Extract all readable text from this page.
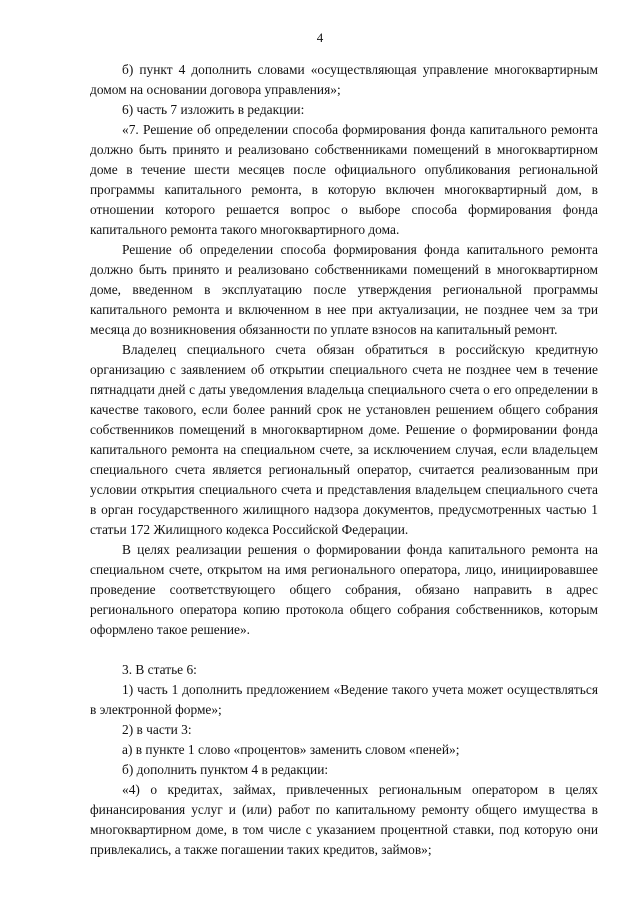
4

б) пункт 4 дополнить словами «осуществляющая управление многоквартирным домом на основании договора управления»;

6) часть 7 изложить в редакции:

«7. Решение об определении способа формирования фонда капитального ремонта должно быть принято и реализовано собственниками помещений в многоквартирном доме в течение шести месяцев после официального опубликования региональной программы капитального ремонта, в которую включен многоквартирный дом, в отношении которого решается вопрос о выборе способа формирования фонда капитального ремонта такого многоквартирного дома.

Решение об определении способа формирования фонда капитального ремонта должно быть принято и реализовано собственниками помещений в многоквартирном доме, введенном в эксплуатацию после утверждения региональной программы капитального ремонта и включенном в нее при актуализации, не позднее чем за три месяца до возникновения обязанности по уплате взносов на капитальный ремонт.

Владелец специального счета обязан обратиться в российскую кредитную организацию с заявлением об открытии специального счета не позднее чем в течение пятнадцати дней с даты уведомления владельца специального счета о его определении в качестве такового, если более ранний срок не установлен решением общего собрания собственников помещений в многоквартирном доме. Решение о формировании фонда капитального ремонта на специальном счете, за исключением случая, если владельцем специального счета является региональный оператор, считается реализованным при условии открытия специального счета и представления владельцем специального счета в орган государственного жилищного надзора документов, предусмотренных частью 1 статьи 172 Жилищного кодекса Российской Федерации.

В целях реализации решения о формировании фонда капитального ремонта на специальном счете, открытом на имя регионального оператора, лицо, инициировавшее проведение соответствующего общего собрания, обязано направить в адрес регионального оператора копию протокола общего собрания собственников, которым оформлено такое решение».

3. В статье 6:

1) часть 1 дополнить предложением «Ведение такого учета может осуществляться в электронной форме»;

2) в части 3:

а) в пункте 1 слово «процентов» заменить словом «пеней»;

б) дополнить пунктом 4 в редакции:

«4) о кредитах, займах, привлеченных региональным оператором в целях финансирования услуг и (или) работ по капитальному ремонту общего имущества в многоквартирном доме, в том числе с указанием процентной ставки, под которую они привлекались, а также погашении таких кредитов, займов»;
